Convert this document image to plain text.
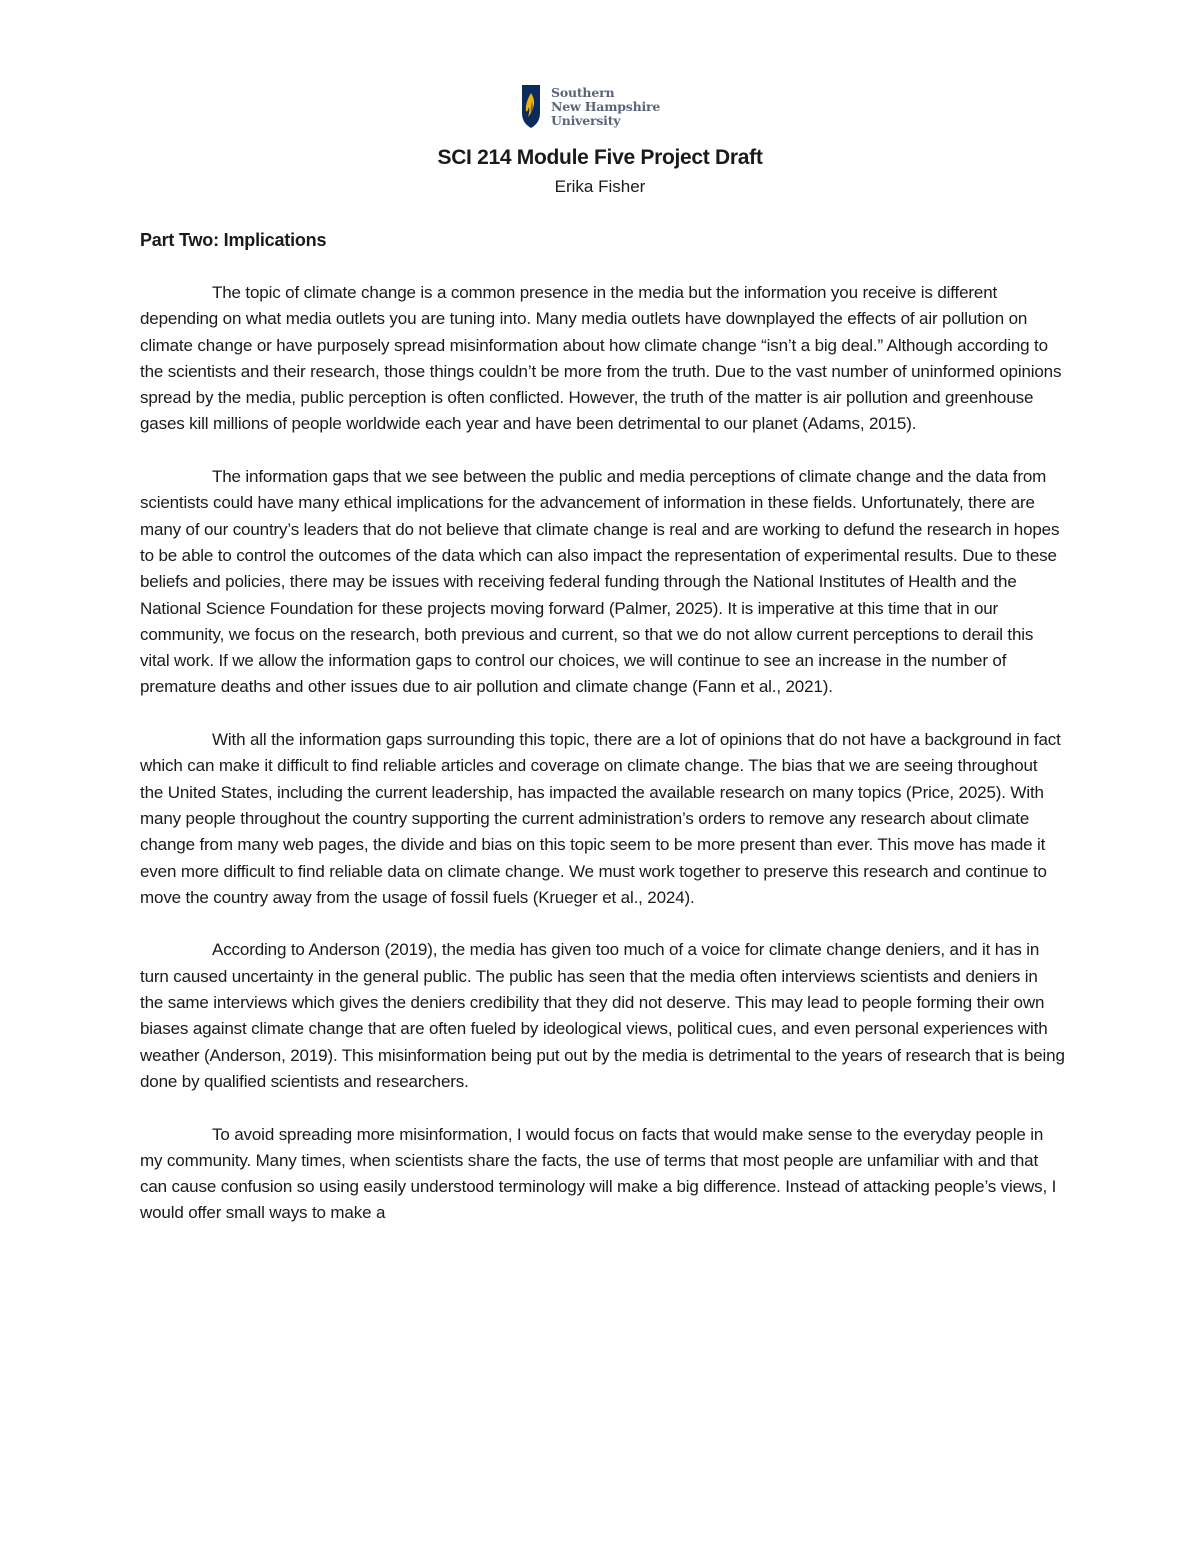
Southern
New Hampshire
University
SCI 214 Module Five Project Draft
Erika Fisher
Part Two: Implications

The topic of climate change is a common presence in the media but the information you receive is different depending on what media outlets you are tuning into. Many media outlets have downplayed the effects of air pollution on climate change or have purposely spread misinformation about how climate change “isn’t a big deal.” Although according to the scientists and their research, those things couldn’t be more from the truth. Due to the vast number of uninformed opinions spread by the media, public perception is often conflicted. However, the truth of the matter is air pollution and greenhouse gases kill millions of people worldwide each year and have been detrimental to our planet (Adams, 2015).

The information gaps that we see between the public and media perceptions of climate change and the data from scientists could have many ethical implications for the advancement of information in these fields. Unfortunately, there are many of our country’s leaders that do not believe that climate change is real and are working to defund the research in hopes to be able to control the outcomes of the data which can also impact the representation of experimental results. Due to these beliefs and policies, there may be issues with receiving federal funding through the National Institutes of Health and the National Science Foundation for these projects moving forward (Palmer, 2025). It is imperative at this time that in our community, we focus on the research, both previous and current, so that we do not allow current perceptions to derail this vital work. If we allow the information gaps to control our choices, we will continue to see an increase in the number of premature deaths and other issues due to air pollution and climate change (Fann et al., 2021).

With all the information gaps surrounding this topic, there are a lot of opinions that do not have a background in fact which can make it difficult to find reliable articles and coverage on climate change. The bias that we are seeing throughout the United States, including the current leadership, has impacted the available research on many topics (Price, 2025). With many people throughout the country supporting the current administration’s orders to remove any research about climate change from many web pages, the divide and bias on this topic seem to be more present than ever. This move has made it even more difficult to find reliable data on climate change. We must work together to preserve this research and continue to move the country away from the usage of fossil fuels (Krueger et al., 2024).

According to Anderson (2019), the media has given too much of a voice for climate change deniers, and it has in turn caused uncertainty in the general public. The public has seen that the media often interviews scientists and deniers in the same interviews which gives the deniers credibility that they did not deserve. This may lead to people forming their own biases against climate change that are often fueled by ideological views, political cues, and even personal experiences with weather (Anderson, 2019). This misinformation being put out by the media is detrimental to the years of research that is being done by qualified scientists and researchers.

To avoid spreading more misinformation, I would focus on facts that would make sense to the everyday people in my community. Many times, when scientists share the facts, the use of terms that most people are unfamiliar with and that can cause confusion so using easily understood terminology will make a big difference. Instead of attacking people’s views, I would offer small ways to make a
